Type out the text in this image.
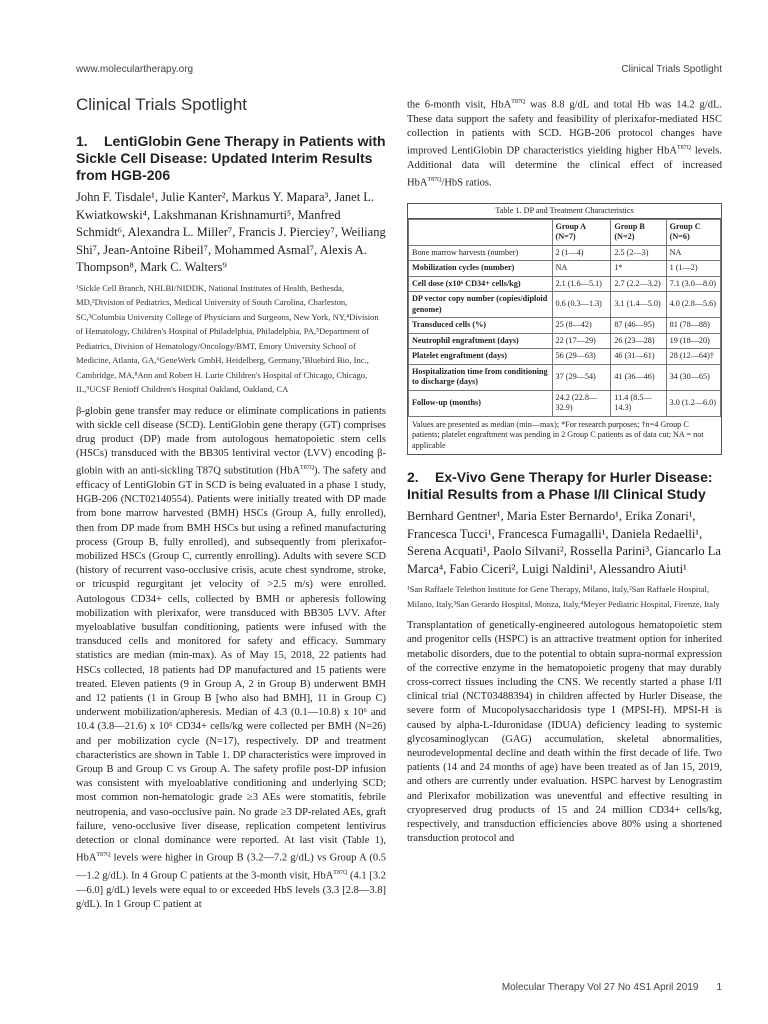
www.moleculartherapy.org	Clinical Trials Spotlight
Clinical Trials Spotlight
1. LentiGlobin Gene Therapy in Patients with Sickle Cell Disease: Updated Interim Results from HGB-206

John F. Tisdale¹, Julie Kanter², Markus Y. Mapara³, Janet L. Kwiatkowski⁴, Lakshmanan Krishnamurti⁵, Manfred Schmidt⁶, Alexandra L. Miller⁷, Francis J. Pierciey⁷, Weiliang Shi⁷, Jean-Antoine Ribeil⁷, Mohammed Asmal⁷, Alexis A. Thompson⁸, Mark C. Walters⁹

¹Sickle Cell Branch, NHLBI/NIDDK, National Institutes of Health, Bethesda, MD,²Division of Pediatrics, Medical University of South Carolina, Charleston, SC,³Columbia University College of Physicians and Surgeons, New York, NY,⁴Division of Hematology, Children's Hospital of Philadelphia, Philadelphia, PA,⁵Department of Pediatrics, Division of Hematology/Oncology/BMT, Emory University School of Medicine, Atlanta, GA,⁶GeneWerk GmbH, Heidelberg, Germany,⁷Bluebird Bio, Inc., Cambridge, MA,⁸Ann and Robert H. Lurie Children's Hospital of Chicago, Chicago, IL,⁹UCSF Benioff Children's Hospital Oakland, Oakland, CA

β-globin gene transfer may reduce or eliminate complications in patients with sickle cell disease (SCD). LentiGlobin gene therapy (GT) comprises drug product (DP) made from autologous hematopoietic stem cells (HSCs) transduced with the BB305 lentiviral vector (LVV) encoding β-globin with an anti-sickling T87Q substitution (HbA$^{T87Q}$). The safety and efficacy of LentiGlobin GT in SCD is being evaluated in a phase 1 study, HGB-206 (NCT02140554). Patients were initially treated with DP made from bone marrow harvested (BMH) HSCs (Group A, fully enrolled), then from DP made from BMH HSCs but using a refined manufacturing process (Group B, fully enrolled), and subsequently from plerixafor-mobilized HSCs (Group C, currently enrolling). Adults with severe SCD (history of recurrent vaso-occlusive crisis, acute chest syndrome, stroke, or tricuspid regurgitant jet velocity of >2.5 m/s) were enrolled. Autologous CD34+ cells, collected by BMH or apheresis following mobilization with plerixafor, were transduced with BB305 LVV. After myeloablative busulfan conditioning, patients were infused with the transduced cells and monitored for safety and efficacy. Summary statistics are median (min-max). As of May 15, 2018, 22 patients had HSCs collected, 18 patients had DP manufactured and 15 patients were treated. Eleven patients (9 in Group A, 2 in Group B) underwent BMH and 12 patients (1 in Group B [who also had BMH], 11 in Group C) underwent mobilization/apheresis. Median of 4.3 (0.1—10.8) x 10⁶ and 10.4 (3.8—21.6) x 10⁶ CD34+ cells/kg were collected per BMH (N=26) and per mobilization cycle (N=17), respectively. DP and treatment characteristics are shown in Table 1. DP characteristics were improved in Group B and Group C vs Group A. The safety profile post-DP infusion was consistent with myeloablative conditioning and underlying SCD; most common non-hematologic grade ≥3 AEs were stomatitis, febrile neutropenia, and vaso-occlusive pain. No grade ≥3 DP-related AEs, graft failure, veno-occlusive liver disease, replication competent lentivirus detection or clonal dominance were reported. At last visit (Table 1), HbA$^{T87Q}$ levels were higher in Group B (3.2—7.2 g/dL) vs Group A (0.5—1.2 g/dL). In 4 Group C patients at the 3-month visit, HbA$^{T87Q}$ (4.1 [3.2—6.0] g/dL) levels were equal to or exceeded HbS levels (3.3 [2.8—3.8] g/dL). In 1 Group C patient at

the 6-month visit, HbA$^{T87Q}$ was 8.8 g/dL and total Hb was 14.2 g/dL. These data support the safety and feasibility of plerixafor-mediated HSC collection in patients with SCD. HGB-206 protocol changes have improved LentiGlobin DP characteristics yielding higher HbA$^{T87Q}$ levels. Additional data will determine the clinical effect of increased HbA$^{T87Q}$/HbS ratios.

Table 1. DP and Treatment Characteristics
	Group A (N=7)	Group B (N=2)	Group C (N=6)
Bone marrow harvests (number)	2 (1—4)	2.5 (2—3)	NA
Mobilization cycles (number)	NA	1*	1 (1—2)
Cell dose (x10⁶ CD34+ cells/kg)	2.1 (1.6—5.1)	2.7 (2.2—3.2)	7.1 (3.0—8.0)
DP vector copy number (copies/diploid genome)	0.6 (0.3—1.3)	3.1 (1.4—5.0)	4.0 (2.8—5.6)
Transduced cells (%)	25 (8—42)	87 (46—95)	81 (78—88)
Neutrophil engraftment (days)	22 (17—29)	26 (23—28)	19 (18—20)
Platelet engraftment (days)	56 (29—63)	46 (31—61)	28 (12—64)†
Hospitalization time from conditioning to discharge (days)	37 (29—54)	41 (36—46)	34 (30—65)
Follow-up (months)	24.2 (22.8—32.9)	11.4 (8.5—14.3)	3.0 (1.2—6.0)
Values are presented as median (min—max); *For research purposes; †n=4 Group C patients; platelet engraftment was pending in 2 Group C patients as of data cut; NA = not applicable
2. Ex-Vivo Gene Therapy for Hurler Disease: Initial Results from a Phase I/II Clinical Study

Bernhard Gentner¹, Maria Ester Bernardo¹, Erika Zonari¹, Francesca Tucci¹, Francesca Fumagalli¹, Daniela Redaelli¹, Serena Acquati¹, Paolo Silvani², Rossella Parini³, Giancarlo La Marca⁴, Fabio Ciceri², Luigi Naldini¹, Alessandro Aiuti¹

¹San Raffaele Telethon Institute for Gene Therapy, Milano, Italy,²San Raffaele Hospital, Milano, Italy,³San Gerardo Hospital, Monza, Italy,⁴Meyer Pediatric Hospital, Firenze, Italy

Transplantation of genetically-engineered autologous hematopoietic stem and progenitor cells (HSPC) is an attractive treatment option for inherited metabolic disorders, due to the potential to obtain supra-normal expression of the corrective enzyme in the hematopoietic progeny that may durably cross-correct tissues including the CNS. We recently started a phase I/II clinical trial (NCT03488394) in children affected by Hurler Disease, the severe form of Mucopolysaccharidosis type I (MPSI-H). MPSI-H is caused by alpha-L-Iduronidase (IDUA) deficiency leading to systemic glycosaminoglycan (GAG) accumulation, skeletal abnormalities, neurodevelopmental decline and death within the first decade of life. Two patients (14 and 24 months of age) have been treated as of Jan 15, 2019, and others are currently under evaluation. HSPC harvest by Lenograstim and Plerixafor mobilization was uneventful and effective resulting in cryopreserved drug products of 15 and 24 million CD34+ cells/kg, respectively, and transduction efficiencies above 80% using a shortened transduction protocol and

Molecular Therapy Vol 27 No 4S1 April 2019 1
